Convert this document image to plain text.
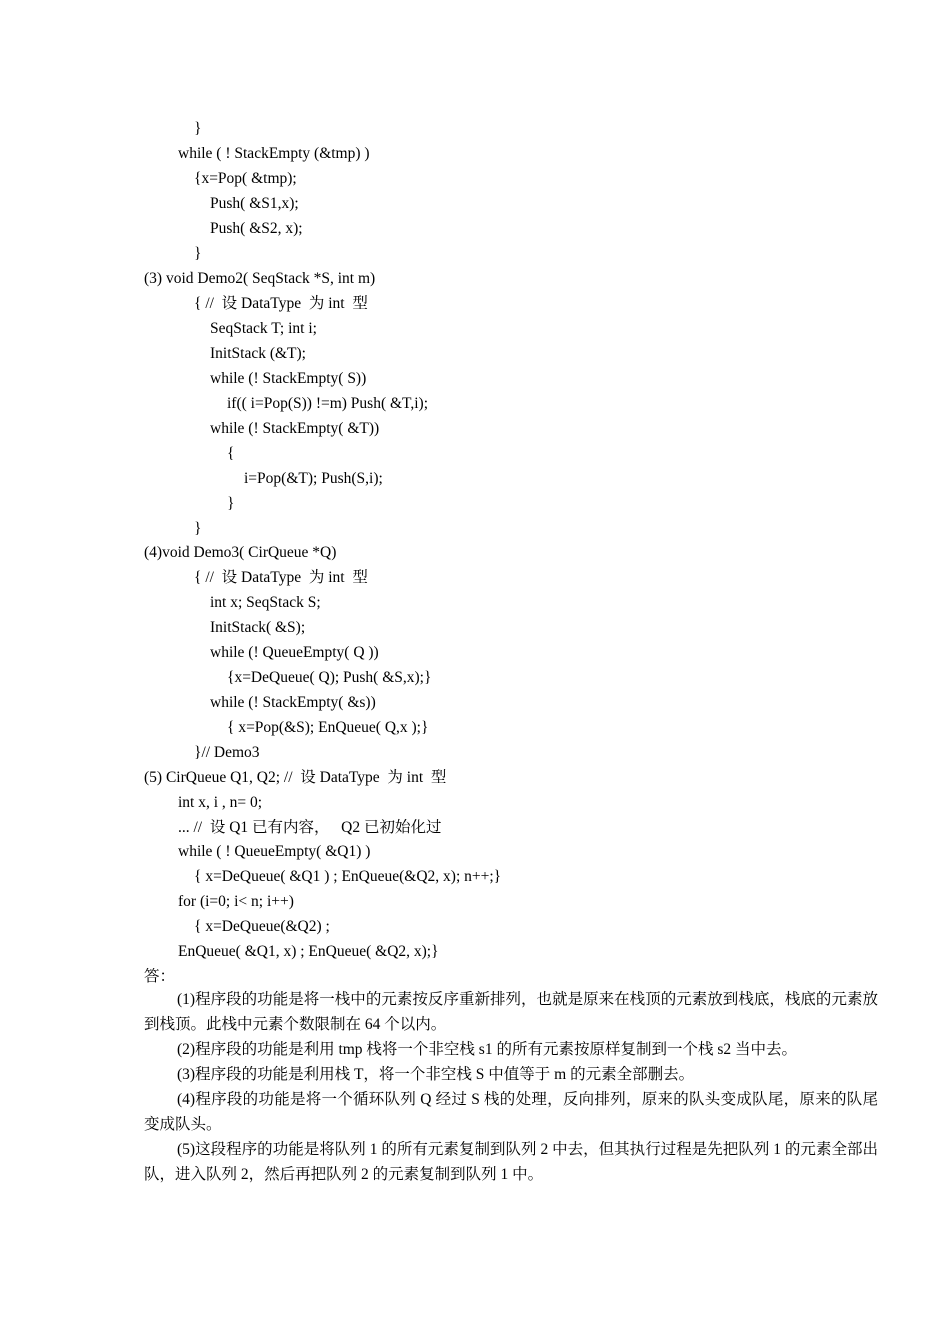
}
while ( ! StackEmpty (&tmp) )
{x=Pop( &tmp);
Push( &S1,x);
Push( &S2, x);
}
(3) void Demo2( SeqStack *S, int m)
{ //  设 DataType  为 int  型
SeqStack T; int i;
InitStack (&T);
while (! StackEmpty( S))
if(( i=Pop(S)) !=m) Push( &T,i);
while (! StackEmpty( &T))
{
i=Pop(&T); Push(S,i);
}
}
(4)void Demo3( CirQueue *Q)
{ //  设 DataType  为 int  型
int x; SeqStack S;
InitStack( &S);
while (! QueueEmpty( Q ))
{x=DeQueue( Q); Push( &S,x);}
while (! StackEmpty( &s))
{ x=Pop(&S); EnQueue( Q,x );}
}// Demo3
(5) CirQueue Q1, Q2; //  设 DataType  为 int  型
int x, i , n= 0;
... //  设 Q1 已有内容，   Q2 已初始化过
while ( ! QueueEmpty( &Q1) )
{ x=DeQueue( &Q1 ) ; EnQueue(&Q2, x); n++;}
for (i=0; i< n; i++)
{ x=DeQueue(&Q2) ;
EnQueue( &Q1, x) ; EnQueue( &Q2, x);}
答：
(1)程序段的功能是将一栈中的元素按反序重新排列，也就是原来在栈顶的元素放到栈底，栈底的元素放到栈顶。此栈中元素个数限制在 64 个以内。
(2)程序段的功能是利用 tmp 栈将一个非空栈 s1 的所有元素按原样复制到一个栈 s2 当中去。
(3)程序段的功能是利用栈 T，将一个非空栈 S 中值等于 m 的元素全部删去。
(4)程序段的功能是将一个循环队列 Q 经过 S 栈的处理，反向排列，原来的队头变成队尾，原来的队尾变成队头。
(5)这段程序的功能是将队列 1 的所有元素复制到队列 2 中去，但其执行过程是先把队列 1 的元素全部出队，进入队列 2，然后再把队列 2 的元素复制到队列 1 中。
